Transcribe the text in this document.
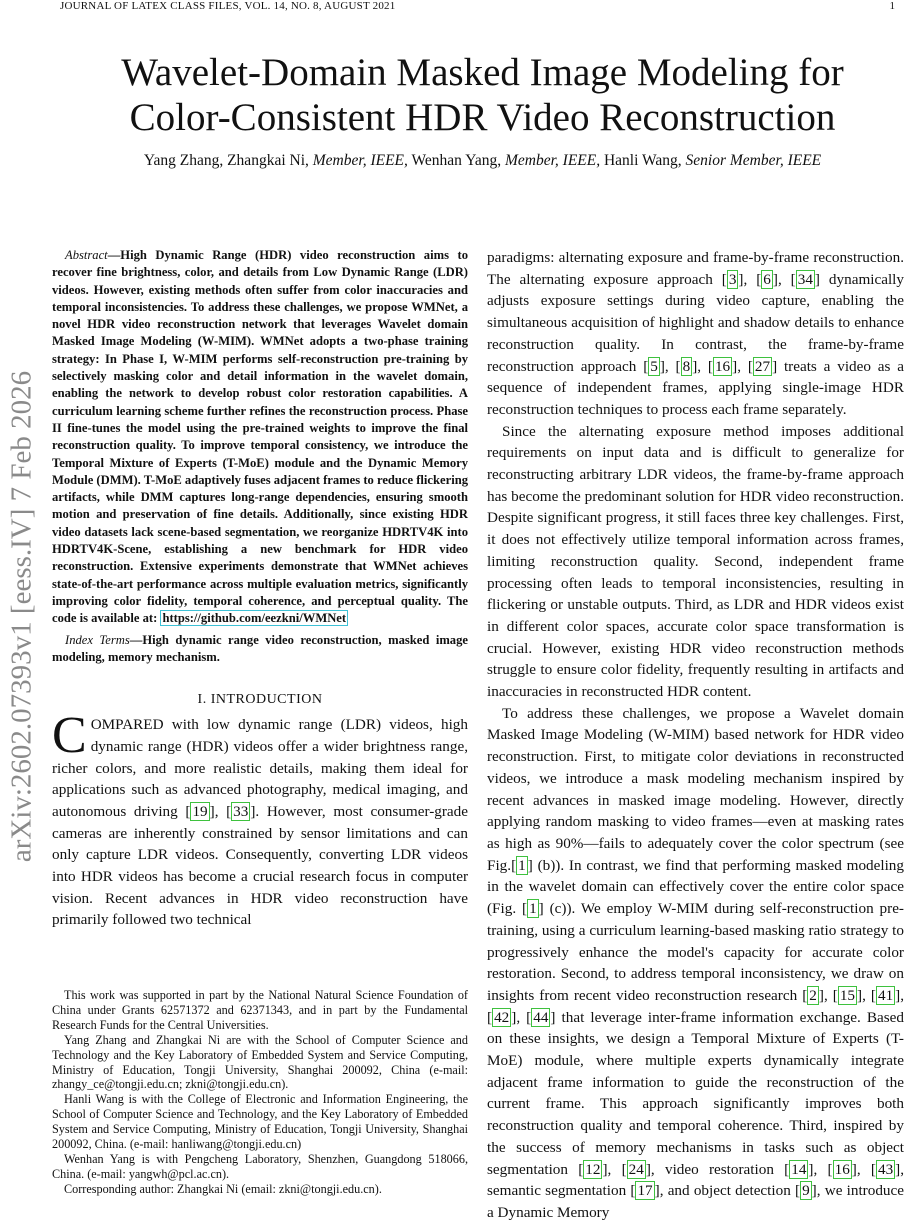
JOURNAL OF LATEX CLASS FILES, VOL. 14, NO. 8, AUGUST 2021	1
Wavelet-Domain Masked Image Modeling for
Color-Consistent HDR Video Reconstruction
Yang Zhang, Zhangkai Ni, Member, IEEE, Wenhan Yang, Member, IEEE, Hanli Wang, Senior Member, IEEE
arXiv:2602.07393v1 [eess.IV] 7 Feb 2026

Abstract—High Dynamic Range (HDR) video reconstruction aims to recover fine brightness, color, and details from Low Dynamic Range (LDR) videos. However, existing methods often suffer from color inaccuracies and temporal inconsistencies. To address these challenges, we propose WMNet, a novel HDR video reconstruction network that leverages Wavelet domain Masked Image Modeling (W-MIM). WMNet adopts a two-phase training strategy: In Phase I, W-MIM performs self-reconstruction pre-training by selectively masking color and detail information in the wavelet domain, enabling the network to develop robust color restoration capabilities. A curriculum learning scheme further refines the reconstruction process. Phase II fine-tunes the model using the pre-trained weights to improve the final reconstruction quality. To improve temporal consistency, we introduce the Temporal Mixture of Experts (T-MoE) module and the Dynamic Memory Module (DMM). T-MoE adaptively fuses adjacent frames to reduce flickering artifacts, while DMM captures long-range dependencies, ensuring smooth motion and preservation of fine details. Additionally, since existing HDR video datasets lack scene-based segmentation, we reorganize HDRTV4K into HDRTV4K-Scene, establishing a new benchmark for HDR video reconstruction. Extensive experiments demonstrate that WMNet achieves state-of-the-art performance across multiple evaluation metrics, significantly improving color fidelity, temporal coherence, and perceptual quality. The code is available at: https://github.com/eezkni/WMNet

Index Terms—High dynamic range video reconstruction, masked image modeling, memory mechanism.

I. INTRODUCTION

COMPARED with low dynamic range (LDR) videos, high dynamic range (HDR) videos offer a wider brightness range, richer colors, and more realistic details, making them ideal for applications such as advanced photography, medical imaging, and autonomous driving [ 19 ], [ 33 ]. However, most consumer-grade cameras are inherently constrained by sensor limitations and can only capture LDR videos. Consequently, converting LDR videos into HDR videos has become a crucial research focus in computer vision. Recent advances in HDR video reconstruction have primarily followed two technical

paradigms: alternating exposure and frame-by-frame reconstruction. The alternating exposure approach [ 3 ], [ 6 ], [ 34 ] dynamically adjusts exposure settings during video capture, enabling the simultaneous acquisition of highlight and shadow details to enhance reconstruction quality. In contrast, the frame-by-frame reconstruction approach [ 5 ], [ 8 ], [ 16 ], [ 27 ] treats a video as a sequence of independent frames, applying single-image HDR reconstruction techniques to process each frame separately.

Since the alternating exposure method imposes additional requirements on input data and is difficult to generalize for reconstructing arbitrary LDR videos, the frame-by-frame approach has become the predominant solution for HDR video reconstruction. Despite significant progress, it still faces three key challenges. First, it does not effectively utilize temporal information across frames, limiting reconstruction quality. Second, independent frame processing often leads to temporal inconsistencies, resulting in flickering or unstable outputs. Third, as LDR and HDR videos exist in different color spaces, accurate color space transformation is crucial. However, existing HDR video reconstruction methods struggle to ensure color fidelity, frequently resulting in artifacts and inaccuracies in reconstructed HDR content.

To address these challenges, we propose a Wavelet domain Masked Image Modeling (W-MIM) based network for HDR video reconstruction. First, to mitigate color deviations in reconstructed videos, we introduce a mask modeling mechanism inspired by recent advances in masked image modeling. However, directly applying random masking to video frames—even at masking rates as high as 90%—fails to adequately cover the color spectrum (see Fig.[ 1 ] (b)). In contrast, we find that performing masked modeling in the wavelet domain can effectively cover the entire color space (Fig. [ 1 ] (c)). We employ W-MIM during self-reconstruction pre-training, using a curriculum learning-based masking ratio strategy to progressively enhance the model's capacity for accurate color restoration. Second, to address temporal inconsistency, we draw on insights from recent video reconstruction research [ 2 ], [ 15 ], [ 41 ], [ 42 ], [ 44 ] that leverage inter-frame information exchange. Based on these insights, we design a Temporal Mixture of Experts (T-MoE) module, where multiple experts dynamically integrate adjacent frame information to guide the reconstruction of the current frame. This approach significantly improves both reconstruction quality and temporal coherence. Third, inspired by the success of memory mechanisms in tasks such as object segmentation [ 12 ], [ 24 ], video restoration [ 14 ], [ 16 ], [ 43 ], semantic segmentation [ 17 ], and object detection [ 9 ], we introduce a Dynamic Memory

This work was supported in part by the National Natural Science Foundation of China under Grants 62571372 and 62371343, and in part by the Fundamental Research Funds for the Central Universities.

Yang Zhang and Zhangkai Ni are with the School of Computer Science and Technology and the Key Laboratory of Embedded System and Service Computing, Ministry of Education, Tongji University, Shanghai 200092, China (e-mail: zhangy_ce@tongji.edu.cn; zkni@tongji.edu.cn).

Hanli Wang is with the College of Electronic and Information Engineering, the School of Computer Science and Technology, and the Key Laboratory of Embedded System and Service Computing, Ministry of Education, Tongji University, Shanghai 200092, China. (e-mail: hanliwang@tongji.edu.cn)

Wenhan Yang is with Pengcheng Laboratory, Shenzhen, Guangdong 518066, China. (e-mail: yangwh@pcl.ac.cn).

Corresponding author: Zhangkai Ni (email: zkni@tongji.edu.cn).
